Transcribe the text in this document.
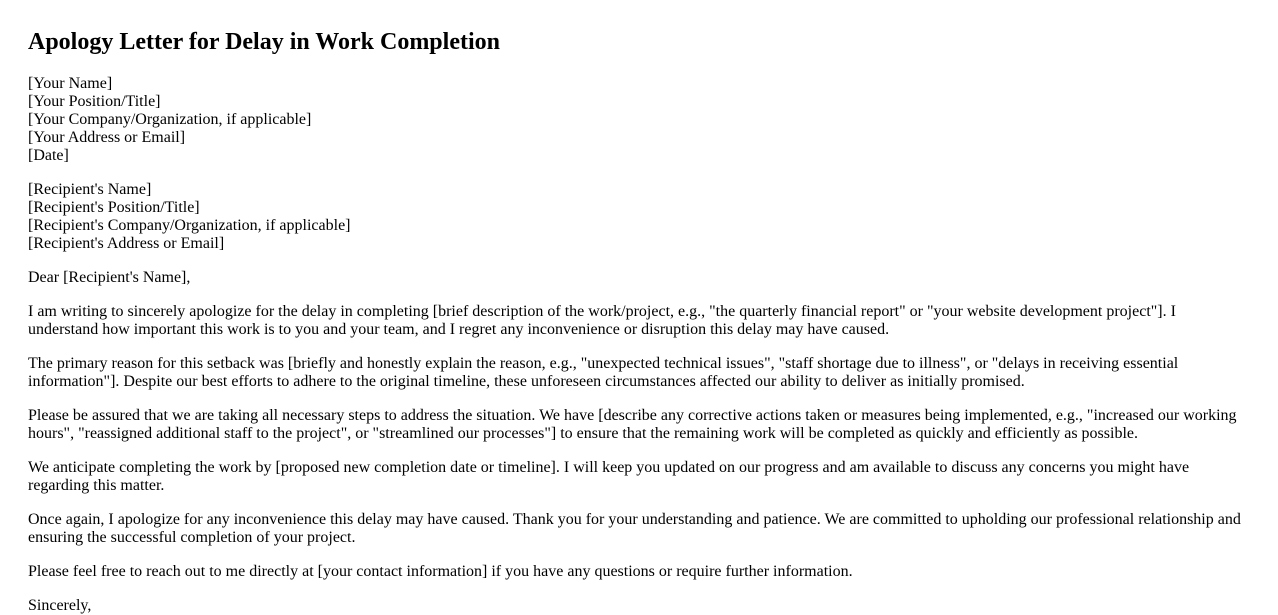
Apology Letter for Delay in Work Completion
[Your Name]
[Your Position/Title]
[Your Company/Organization, if applicable]
[Your Address or Email]
[Date]
[Recipient's Name]
[Recipient's Position/Title]
[Recipient's Company/Organization, if applicable]
[Recipient's Address or Email]

Dear [Recipient's Name],

I am writing to sincerely apologize for the delay in completing [brief description of the work/project, e.g., "the quarterly financial report" or "your website development project"]. I understand how important this work is to you and your team, and I regret any inconvenience or disruption this delay may have caused.

The primary reason for this setback was [briefly and honestly explain the reason, e.g., "unexpected technical issues", "staff shortage due to illness", or "delays in receiving essential information"]. Despite our best efforts to adhere to the original timeline, these unforeseen circumstances affected our ability to deliver as initially promised.

Please be assured that we are taking all necessary steps to address the situation. We have [describe any corrective actions taken or measures being implemented, e.g., "increased our working hours", "reassigned additional staff to the project", or "streamlined our processes"] to ensure that the remaining work will be completed as quickly and efficiently as possible.

We anticipate completing the work by [proposed new completion date or timeline]. I will keep you updated on our progress and am available to discuss any concerns you might have regarding this matter.

Once again, I apologize for any inconvenience this delay may have caused. Thank you for your understanding and patience. We are committed to upholding our professional relationship and ensuring the successful completion of your project.

Please feel free to reach out to me directly at [your contact information] if you have any questions or require further information.

Sincerely,
